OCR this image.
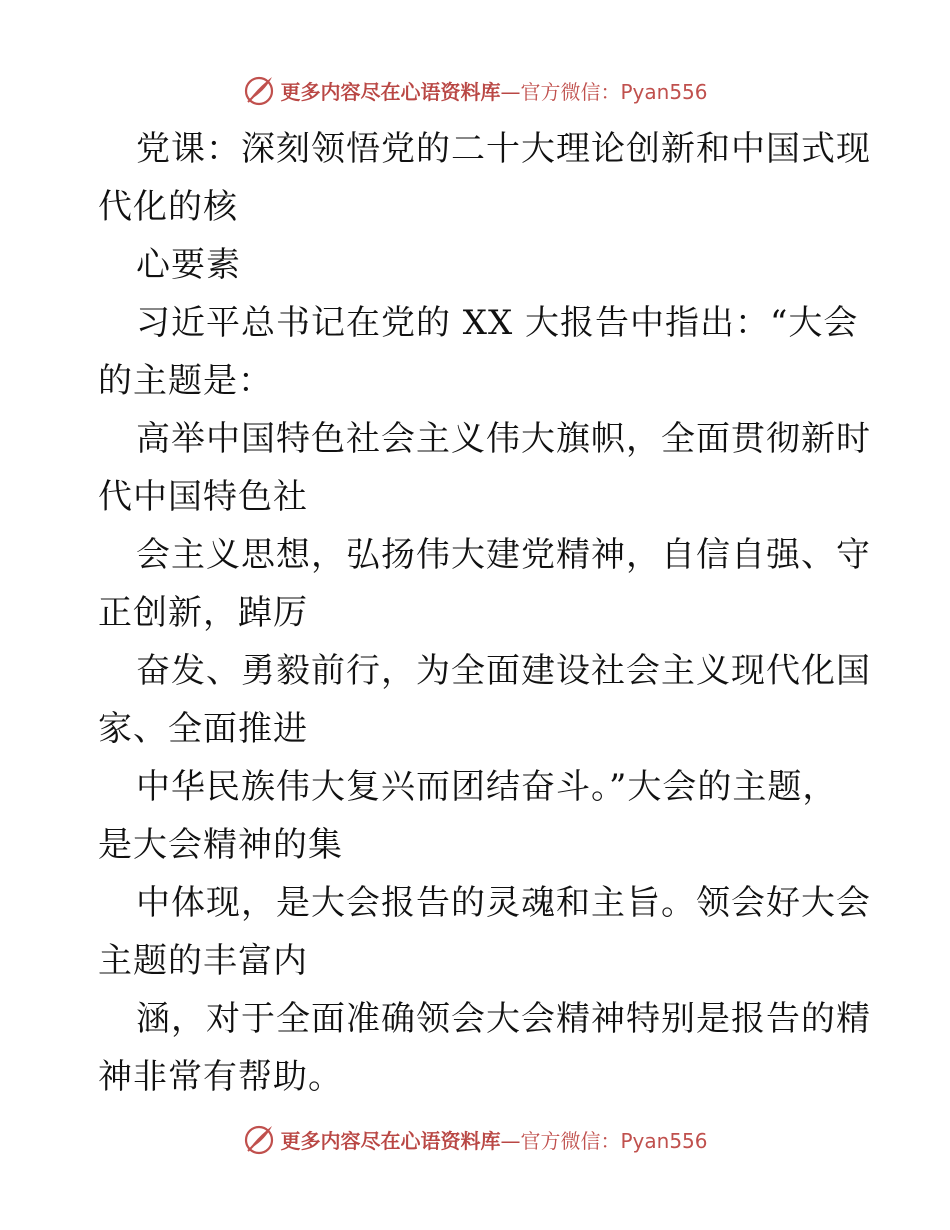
更多内容尽在心语资料库—官方微信：Pyan556
党课：深刻领悟党的二十大理论创新和中国式现
代化的核
心要素
习近平总书记在党的 XX 大报告中指出：“大会
的主题是：
高举中国特色社会主义伟大旗帜，全面贯彻新时
代中国特色社
会主义思想，弘扬伟大建党精神，自信自强、守
正创新，踔厉
奋发、勇毅前行，为全面建设社会主义现代化国
家、全面推进
中华民族伟大复兴而团结奋斗。”大会的主题，
是大会精神的集
中体现，是大会报告的灵魂和主旨。领会好大会
主题的丰富内
涵，对于全面准确领会大会精神特别是报告的精
神非常有帮助。
更多内容尽在心语资料库—官方微信：Pyan556
